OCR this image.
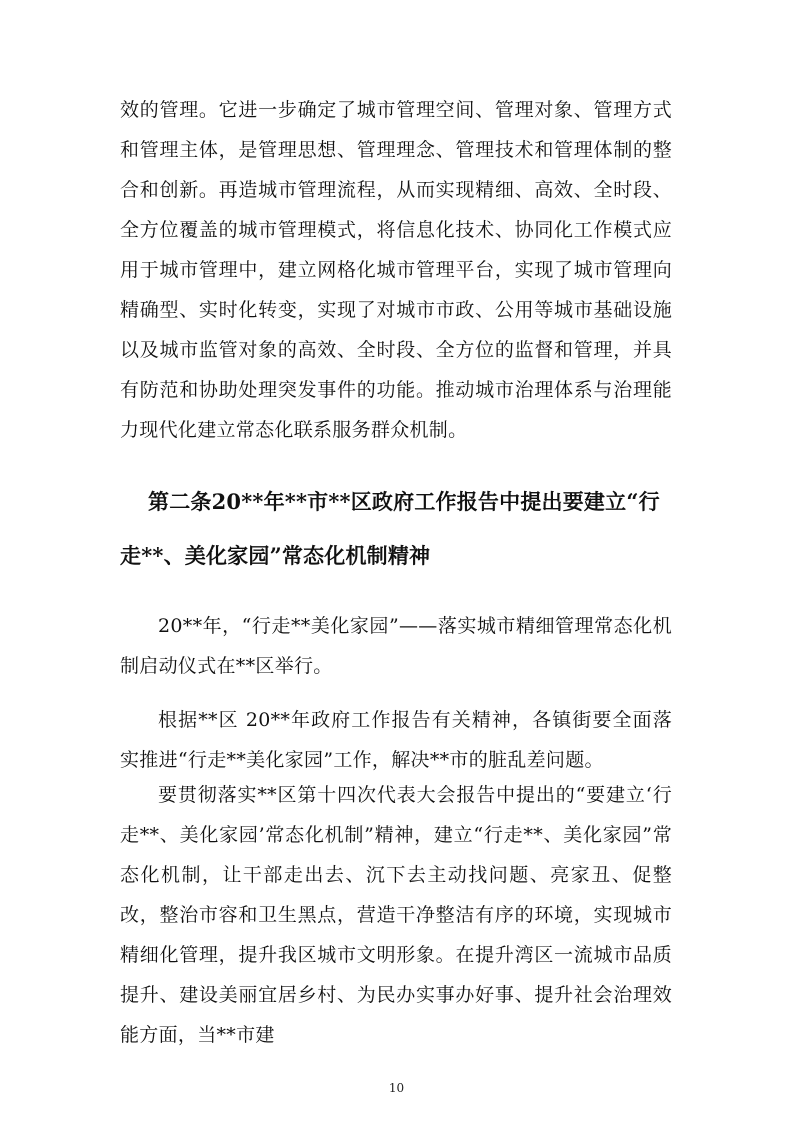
效的管理。它进一步确定了城市管理空间、管理对象、管理方式和管理主体，是管理思想、管理理念、管理技术和管理体制的整合和创新。再造城市管理流程，从而实现精细、高效、全时段、全方位覆盖的城市管理模式，将信息化技术、协同化工作模式应用于城市管理中，建立网格化城市管理平台，实现了城市管理向精确型、实时化转变，实现了对城市市政、公用等城市基础设施以及城市监管对象的高效、全时段、全方位的监督和管理，并具有防范和协助处理突发事件的功能。推动城市治理体系与治理能力现代化建立常态化联系服务群众机制。

第二条20**年**市**区政府工作报告中提出要建立“行走**、美化家园”常态化机制精神

20**年，“行走**美化家园”——落实城市精细管理常态化机制启动仪式在**区举行。

根据**区 20**年政府工作报告有关精神，各镇街要全面落实推进“行走**美化家园”工作，解决**市的脏乱差问题。

要贯彻落实**区第十四次代表大会报告中提出的“要建立‘行走**、美化家园’常态化机制”精神，建立“行走**、美化家园”常态化机制，让干部走出去、沉下去主动找问题、亮家丑、促整改，整治市容和卫生黑点，营造干净整洁有序的环境，实现城市精细化管理，提升我区城市文明形象。在提升湾区一流城市品质提升、建设美丽宜居乡村、为民办实事办好事、提升社会治理效能方面，当**市建

10
